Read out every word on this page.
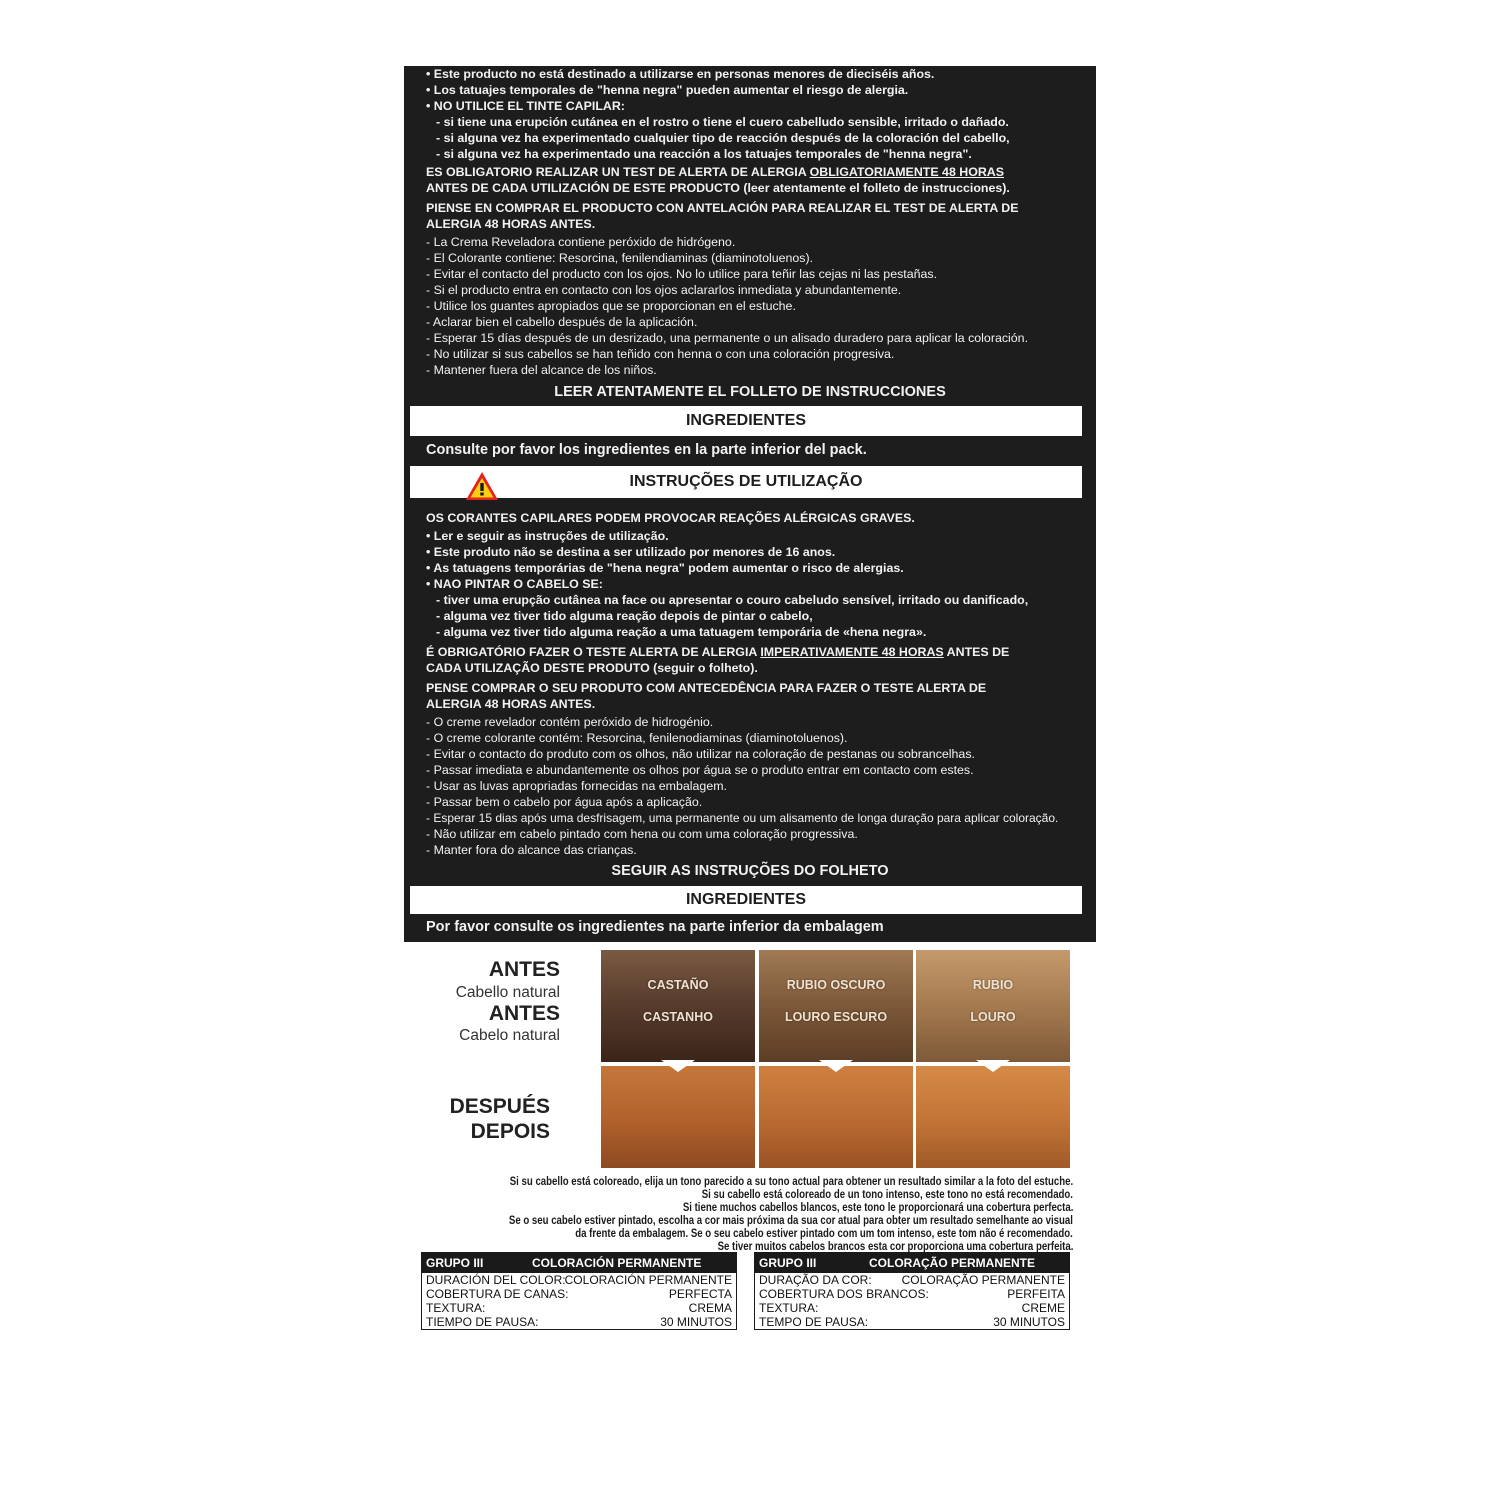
• Este producto no está destinado a utilizarse en personas menores de dieciséis años.
• Los tatuajes temporales de "henna negra" pueden aumentar el riesgo de alergia.
• NO UTILICE EL TINTE CAPILAR:
- si tiene una erupción cutánea en el rostro o tiene el cuero cabelludo sensible, irritado o dañado.
- si alguna vez ha experimentado cualquier tipo de reacción después de la coloración del cabello,
- si alguna vez ha experimentado una reacción a los tatuajes temporales de "henna negra".
ES OBLIGATORIO REALIZAR UN TEST DE ALERTA DE ALERGIA OBLIGATORIAMENTE 48 HORAS
ANTES DE CADA UTILIZACIÓN DE ESTE PRODUCTO (leer atentamente el folleto de instrucciones).
PIENSE EN COMPRAR EL PRODUCTO CON ANTELACIÓN PARA REALIZAR EL TEST DE ALERTA DE
ALERGIA 48 HORAS ANTES.
- La Crema Reveladora contiene peróxido de hidrógeno.
- El Colorante contiene: Resorcina, fenilendiaminas (diaminotoluenos).
- Evitar el contacto del producto con los ojos. No lo utilice para teñir las cejas ni las pestañas.
- Si el producto entra en contacto con los ojos aclararlos inmediata y abundantemente.
- Utilice los guantes apropiados que se proporcionan en el estuche.
- Aclarar bien el cabello después de la aplicación.
- Esperar 15 días después de un desrizado, una permanente o un alisado duradero para aplicar la coloración.
- No utilizar si sus cabellos se han teñido con henna o con una coloración progresiva.
- Mantener fuera del alcance de los niños.
LEER ATENTAMENTE EL FOLLETO DE INSTRUCCIONES
INGREDIENTES
Consulte por favor los ingredientes en la parte inferior del pack.
INSTRUÇÕES DE UTILIZAÇÃO
OS CORANTES CAPILARES PODEM PROVOCAR REAÇÕES ALÉRGICAS GRAVES.
• Ler e seguir as instruções de utilização.
• Este produto não se destina a ser utilizado por menores de 16 anos.
• As tatuagens temporárias de "hena negra" podem aumentar o risco de alergias.
• NAO PINTAR O CABELO SE:
- tiver uma erupção cutânea na face ou apresentar o couro cabeludo sensível, irritado ou danificado,
- alguma vez tiver tido alguma reação depois de pintar o cabelo,
- alguma vez tiver tido alguma reação a uma tatuagem temporária de «hena negra».
É OBRIGATÓRIO FAZER O TESTE ALERTA DE ALERGIA IMPERATIVAMENTE 48 HORAS ANTES DE
CADA UTILIZAÇÃO DESTE PRODUTO (seguir o folheto).
PENSE COMPRAR O SEU PRODUTO COM ANTECEDÊNCIA PARA FAZER O TESTE ALERTA DE
ALERGIA 48 HORAS ANTES.
- O creme revelador contém peróxido de hidrogénio.
- O creme colorante contém: Resorcina, fenilenodiaminas (diaminotoluenos).
- Evitar o contacto do produto com os olhos, não utilizar na coloração de pestanas ou sobrancelhas.
- Passar imediata e abundantemente os olhos por água se o produto entrar em contacto com estes.
- Usar as luvas apropriadas fornecidas na embalagem.
- Passar bem o cabelo por água após a aplicação.
- Esperar 15 dias após uma desfrisagem, uma permanente ou um alisamento de longa duração para aplicar coloração.
- Não utilizar em cabelo pintado com hena ou com uma coloração progressiva.
- Manter fora do alcance das crianças.
SEGUIR AS INSTRUÇÕES DO FOLHETO
INGREDIENTES
Por favor consulte os ingredientes na parte inferior da embalagem
ANTES
Cabello natural
ANTES
Cabelo natural
DESPUÉS
DEPOIS
CASTAÑO
CASTANHO
RUBIO OSCURO
LOURO ESCURO
RUBIO
LOURO
Si su cabello está coloreado, elija un tono parecido a su tono actual para obtener un resultado similar a la foto del estuche.
Si su cabello está coloreado de un tono intenso, este tono no está recomendado.
Si tiene muchos cabellos blancos, este tono le proporcionará una cobertura perfecta.
Se o seu cabelo estiver pintado, escolha a cor mais próxima da sua cor atual para obter um resultado semelhante ao visual
da frente da embalagem. Se o seu cabelo estiver pintado com um tom intenso, este tom não é recomendado.
Se tiver muitos cabelos brancos esta cor proporciona uma cobertura perfeita.
GRUPO III	COLORACIÓN PERMANENTE
DURACIÓN DEL COLOR: COLORACIÓN PERMANENTE
COBERTURA DE CANAS:	PERFECTA
TEXTURA:	CREMA
TIEMPO DE PAUSA:	30 MINUTOS
GRUPO III	COLORAÇÃO PERMANENTE
DURAÇÃO DA COR: COLORAÇÃO PERMANENTE
COBERTURA DOS BRANCOS:	PERFEITA
TEXTURA:	CREME
TEMPO DE PAUSA:	30 MINUTOS
